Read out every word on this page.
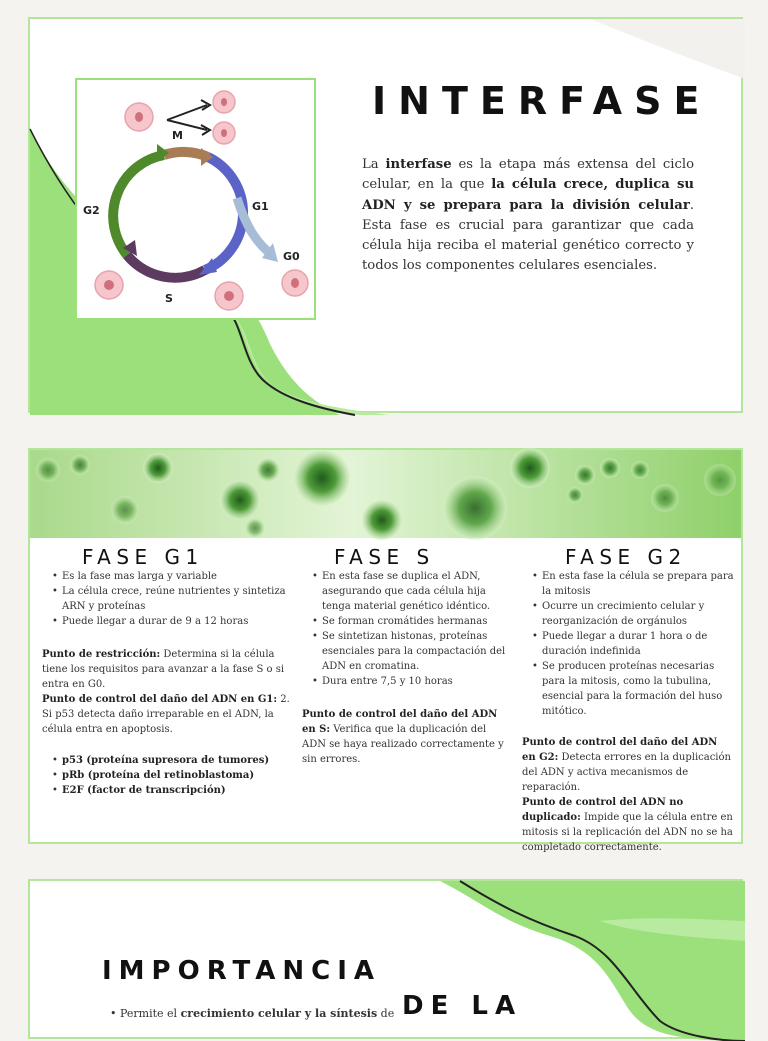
M
G1
G0
S
G2
INTERFASE

La interfase es la etapa más extensa del ciclo celular, en la que la célula crece, duplica su ADN y se prepara para la división celular. Esta fase es crucial para garantizar que cada célula hija reciba el material genético correcto y todos los componentes celulares esenciales.

FASE G1
• Es la fase mas larga y variable
• La célula crece, reúne nutrientes y sintetiza ARN y proteínas
• Puede llegar a durar de 9 a 12 horas

Punto de restricción: Determina si la célula tiene los requisitos para avanzar a la fase S o si entra en G0.

Punto de control del daño del ADN en G1: 2. Si p53 detecta daño irreparable en el ADN, la célula entra en apoptosis.

• p53 (proteína supresora de tumores)
• pRb (proteína del retinoblastoma)
• E2F (factor de transcripción)
FASE S
• En esta fase se duplica el ADN, asegurando que cada célula hija tenga material genético idéntico.
• Se forman cromátides hermanas
• Se sintetizan histonas, proteínas esenciales para la compactación del ADN en cromatina.
• Dura entre 7,5 y 10 horas

Punto de control del daño del ADN en S: Verifica que la duplicación del ADN se haya realizado correctamente y sin errores.

FASE G2
• En esta fase la célula se prepara para la mitosis
• Ocurre un crecimiento celular y reorganización de orgánulos
• Puede llegar a durar 1 hora o de duración indefinida
• Se producen proteínas necesarias para la mitosis, como la tubulina, esencial para la formación del huso mitótico.

Punto de control del daño del ADN en G2: Detecta errores en la duplicación del ADN y activa mecanismos de reparación.

Punto de control del ADN no duplicado: Impide que la célula entre en mitosis si la replicación del ADN no se ha completado correctamente.

IMPORTANCIA
DE LA

• Permite el crecimiento celular y la síntesis de
